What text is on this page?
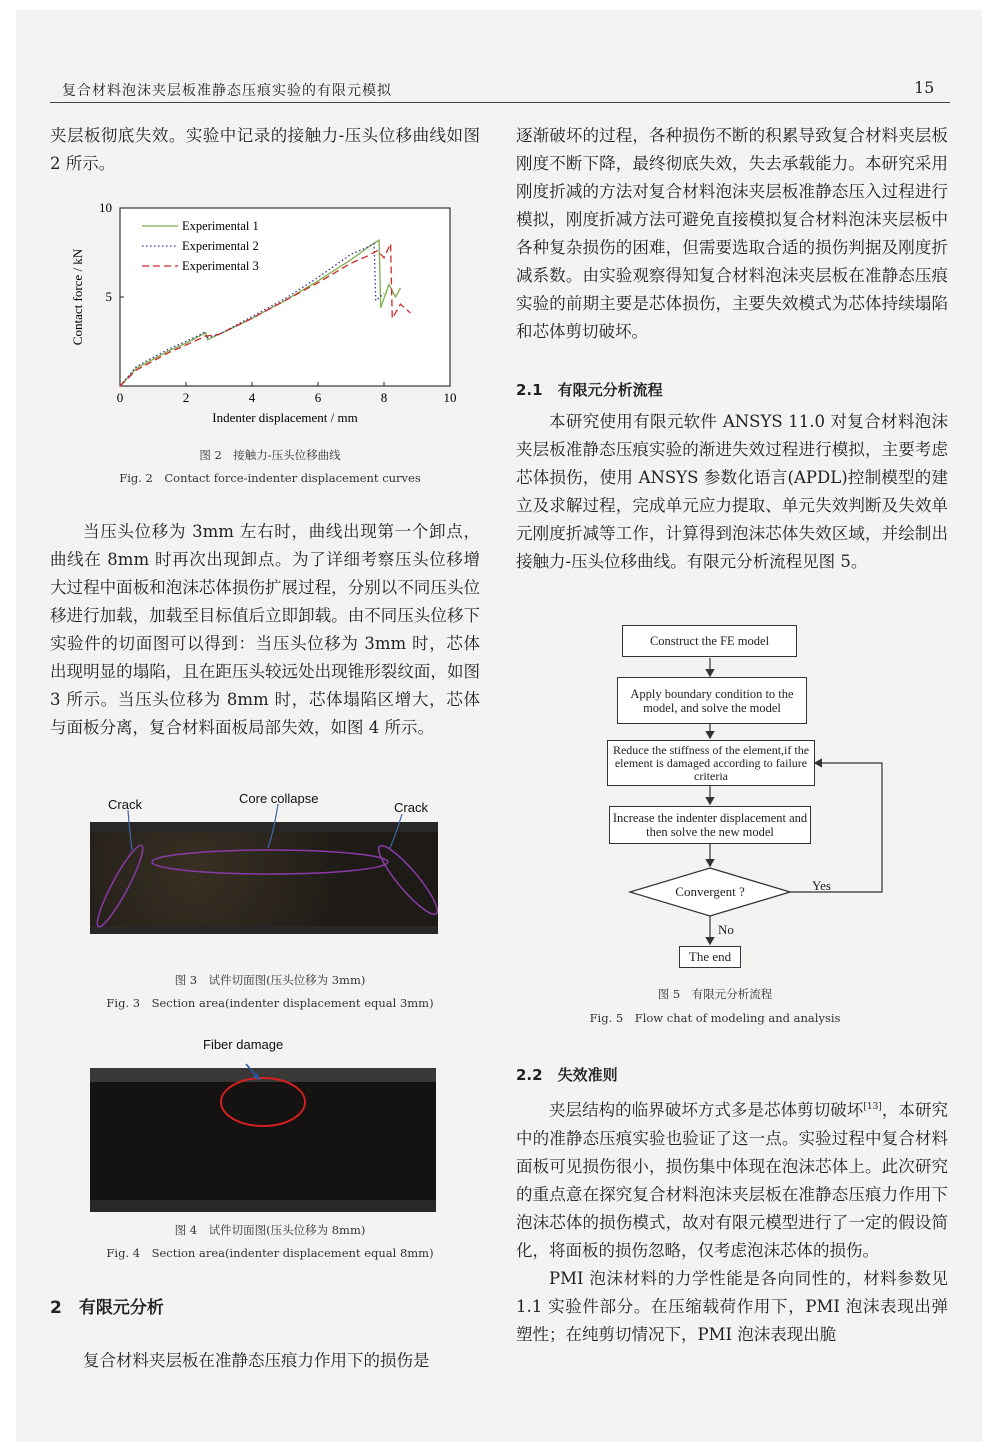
复合材料泡沫夹层板准静态压痕实验的有限元模拟	15

夹层板彻底失效。实验中记录的接触力-压头位移曲线如图 2 所示。

0	2	4	6	8	10
5
10
Indenter displacement / mm
Contact force / kN
Experimental 1
Experimental 2
Experimental 3
图 2　接触力-压头位移曲线
Fig. 2　Contact force-indenter displacement curves

当压头位移为 3mm 左右时，曲线出现第一个卸点，曲线在 8mm 时再次出现卸点。为了详细考察压头位移增大过程中面板和泡沫芯体损伤扩展过程，分别以不同压头位移进行加载，加载至目标值后立即卸载。由不同压头位移下实验件的切面图可以得到：当压头位移为 3mm 时，芯体出现明显的塌陷，且在距压头较远处出现锥形裂纹面，如图 3 所示。当压头位移为 8mm 时，芯体塌陷区增大，芯体与面板分离，复合材料面板局部失效，如图 4 所示。

Crack	Core collapse
Crack
图 3　试件切面图(压头位移为 3mm)
Fig. 3　Section area(indenter displacement equal 3mm)
Fiber damage
图 4　试件切面图(压头位移为 8mm)
Fig. 4　Section area(indenter displacement equal 8mm)
2　有限元分析

复合材料夹层板在准静态压痕力作用下的损伤是

逐渐破坏的过程，各种损伤不断的积累导致复合材料夹层板刚度不断下降，最终彻底失效，失去承载能力。本研究采用刚度折减的方法对复合材料泡沫夹层板准静态压入过程进行模拟，刚度折减方法可避免直接模拟复合材料泡沫夹层板中各种复杂损伤的困难，但需要选取合适的损伤判据及刚度折减系数。由实验观察得知复合材料泡沫夹层板在准静态压痕实验的前期主要是芯体损伤，主要失效模式为芯体持续塌陷和芯体剪切破坏。

2.1　有限元分析流程

本研究使用有限元软件 ANSYS 11.0 对复合材料泡沫夹层板准静态压痕实验的渐进失效过程进行模拟，主要考虑芯体损伤，使用 ANSYS 参数化语言(APDL)控制模型的建立及求解过程，完成单元应力提取、单元失效判断及失效单元刚度折减等工作，计算得到泡沫芯体失效区域，并绘制出接触力-压头位移曲线。有限元分析流程见图 5。

Construct the FE model
Apply boundary condition to the model, and solve the model
Reduce the stiffness of the element,if the element is damaged according to failure criteria
Increase the indenter displacement and then solve the new model
Convergent ?	Yes
No
The end
图 5　有限元分析流程
Fig. 5　Flow chat of modeling and analysis
2.2　失效准则

夹层结构的临界破坏方式多是芯体剪切破坏[13]，本研究中的准静态压痕实验也验证了这一点。实验过程中复合材料面板可见损伤很小，损伤集中体现在泡沫芯体上。此次研究的重点意在探究复合材料泡沫夹层板在准静态压痕力作用下泡沫芯体的损伤模式，故对有限元模型进行了一定的假设简化，将面板的损伤忽略，仅考虑泡沫芯体的损伤。

PMI 泡沫材料的力学性能是各向同性的，材料参数见 1.1 实验件部分。在压缩载荷作用下，PMI 泡沫表现出弹塑性；在纯剪切情况下，PMI 泡沫表现出脆
